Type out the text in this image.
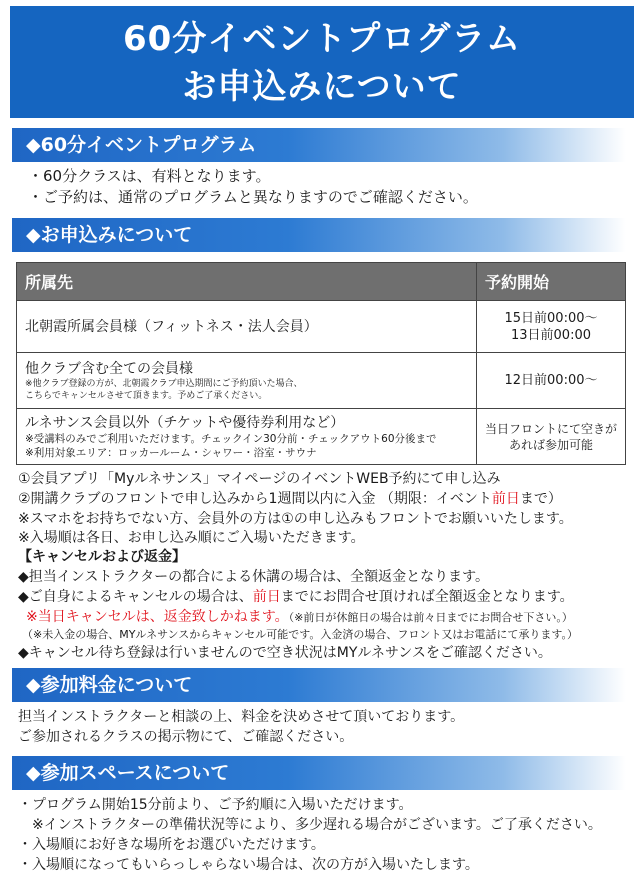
60分イベントプログラム
お申込みについて
◆60分イベントプログラム
・60分クラスは、有料となります。
・ご予約は、通常のプログラムと異なりますのでご確認ください。
◆お申込みについて
所属先	予約開始

北朝霞所属会員様（フィットネス・法人会員）	15日前00:00～
13日前00:00

他クラブ含む全ての会員様
※他クラブ登録の方が、北朝霞クラブ申込期間にご予約頂いた場合、
こちらでキャンセルさせて頂きます。予めご了承ください。	12日前00:00～

ルネサンス会員以外（チケットや優待券利用など）
※受講料のみでご利用いただけます。チェックイン30分前・チェックアウト60分後まで
※利用対象エリア：ロッカールーム・シャワー・浴室・サウナ	当日フロントにて空きが
あれば参加可能
①会員アプリ「Myルネサンス」マイページのイベントWEB予約にて申し込み
②開講クラブのフロントで申し込みから1週間以内に入金 （期限：イベント前日まで）
※スマホをお持ちでない方、会員外の方は①の申し込みもフロントでお願いいたします。
※入場順は各日、お申し込み順にご入場いただきます。
【キャンセルおよび返金】
◆担当インストラクターの都合による休講の場合は、全額返金となります。
◆ご自身によるキャンセルの場合は、前日までにお問合せ頂ければ全額返金となります。
※当日キャンセルは、返金致しかねます。（※前日が休館日の場合は前々日までにお問合せ下さい。）
（※未入金の場合、MYルネサンスからキャンセル可能です。入金済の場合、フロント又はお電話にて承ります。）
◆キャンセル待ち登録は行いませんので空き状況はMYルネサンスをご確認ください。
◆参加料金について
担当インストラクターと相談の上、料金を決めさせて頂いております。
ご参加されるクラスの掲示物にて、ご確認ください。
◆参加スペースについて
・プログラム開始15分前より、ご予約順に入場いただけます。
※インストラクターの準備状況等により、多少遅れる場合がございます。ご了承ください。
・入場順にお好きな場所をお選びいただけます。
・入場順になってもいらっしゃらない場合は、次の方が入場いたします。
